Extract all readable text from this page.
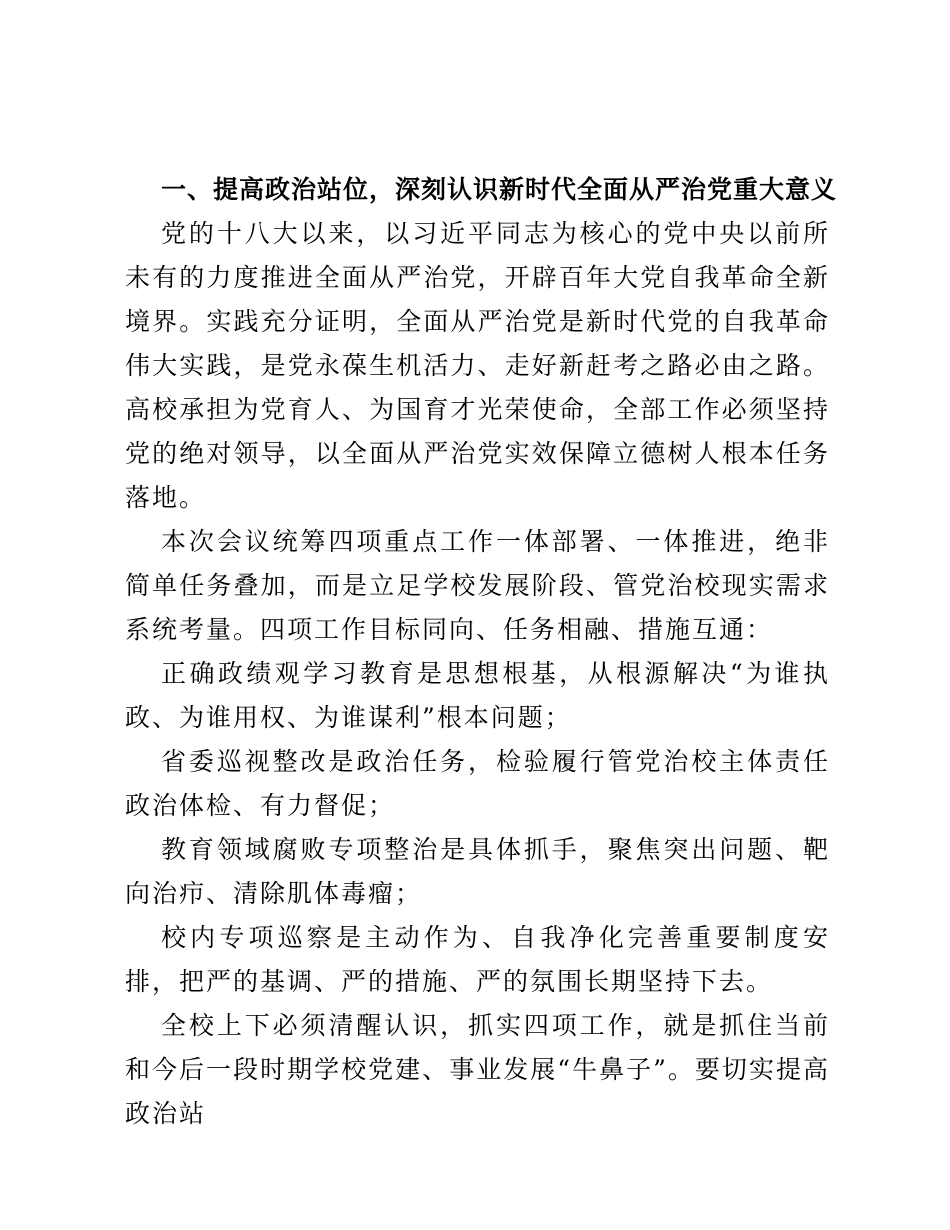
一、提高政治站位，深刻认识新时代全面从严治党重大意义

党的十八大以来，以习近平同志为核心的党中央以前所未有的力度推进全面从严治党，开辟百年大党自我革命全新境界。实践充分证明，全面从严治党是新时代党的自我革命伟大实践，是党永葆生机活力、走好新赶考之路必由之路。高校承担为党育人、为国育才光荣使命，全部工作必须坚持党的绝对领导，以全面从严治党实效保障立德树人根本任务落地。

本次会议统筹四项重点工作一体部署、一体推进，绝非简单任务叠加，而是立足学校发展阶段、管党治校现实需求系统考量。四项工作目标同向、任务相融、措施互通：

正确政绩观学习教育是思想根基，从根源解决“为谁执政、为谁用权、为谁谋利”根本问题；

省委巡视整改是政治任务，检验履行管党治校主体责任政治体检、有力督促；

教育领域腐败专项整治是具体抓手，聚焦突出问题、靶向治疖、清除肌体毒瘤；

校内专项巡察是主动作为、自我净化完善重要制度安排，把严的基调、严的措施、严的氛围长期坚持下去。

全校上下必须清醒认识，抓实四项工作，就是抓住当前和今后一段时期学校党建、事业发展“牛鼻子”。要切实提高政治站
